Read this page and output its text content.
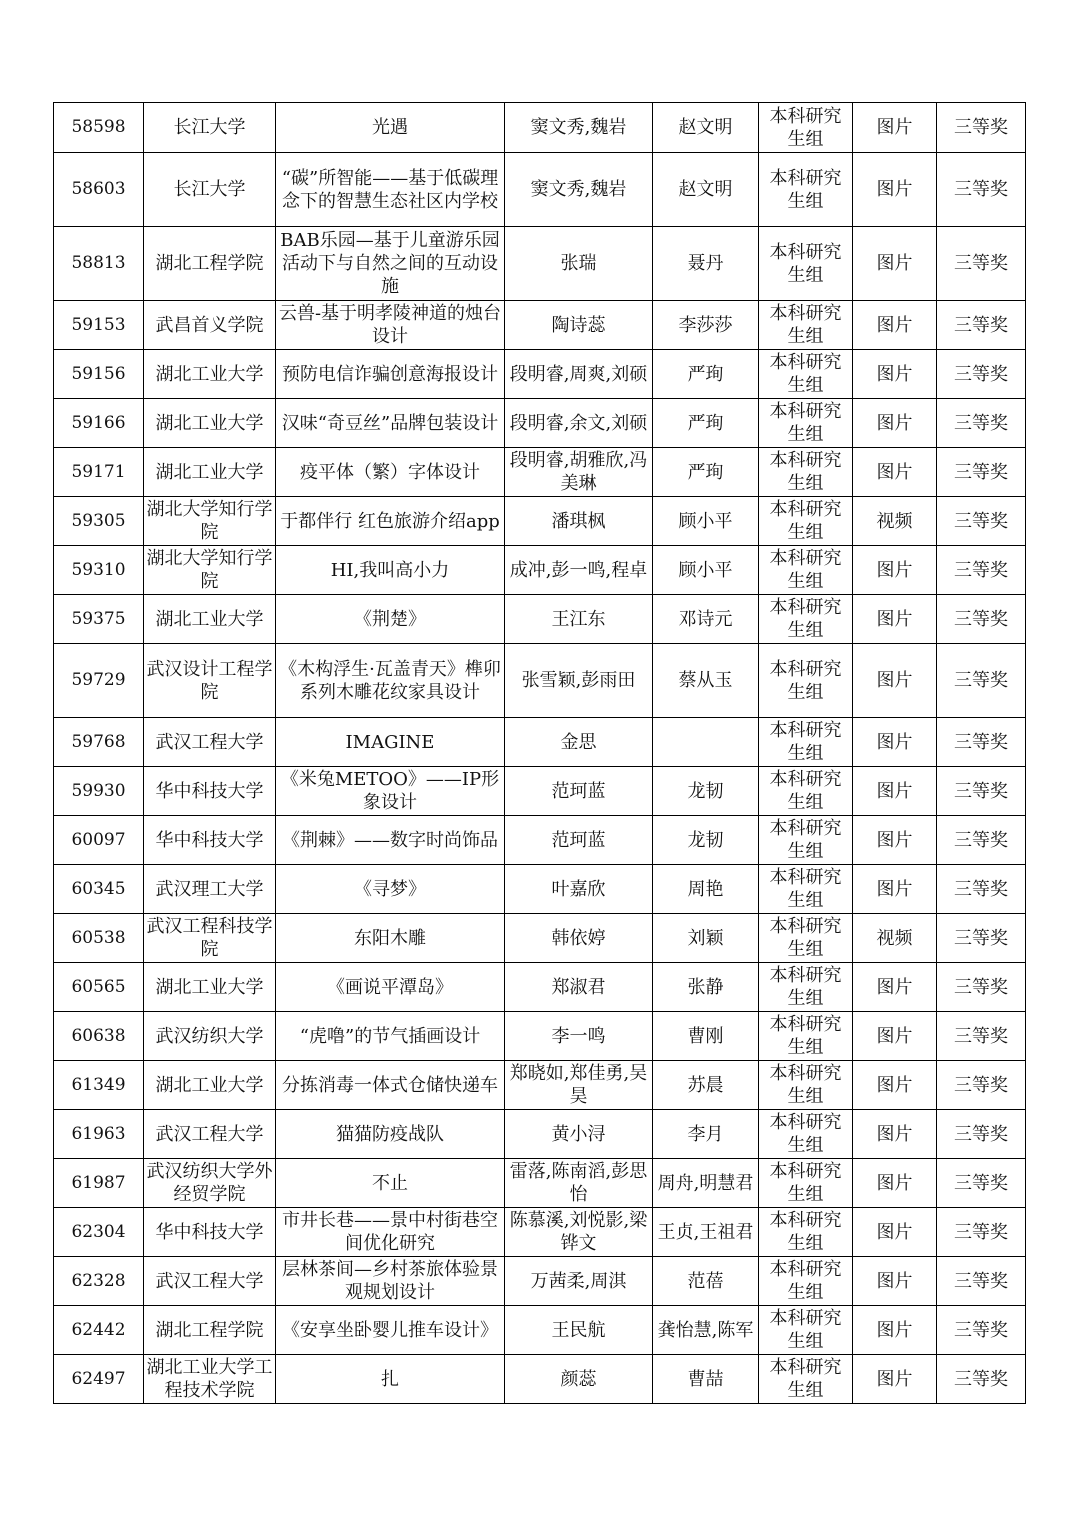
58598	长江大学	光遇	窦文秀,魏岩	赵文明	本科研究生组	图片	三等奖
58603	长江大学	“碳”所智能——基于低碳理念下的智慧生态社区内学校	窦文秀,魏岩	赵文明	本科研究生组	图片	三等奖
58813	湖北工程学院	BAB乐园—基于儿童游乐园活动下与自然之间的互动设施	张瑞	聂丹	本科研究生组	图片	三等奖
59153	武昌首义学院	云兽-基于明孝陵神道的烛台设计	陶诗蕊	李莎莎	本科研究生组	图片	三等奖
59156	湖北工业大学	预防电信诈骗创意海报设计	段明睿,周爽,刘硕	严珣	本科研究生组	图片	三等奖
59166	湖北工业大学	汉味“奇豆丝”品牌包装设计	段明睿,余文,刘硕	严珣	本科研究生组	图片	三等奖
59171	湖北工业大学	疫平体（繁）字体设计	段明睿,胡雅欣,冯美琳	严珣	本科研究生组	图片	三等奖
59305	湖北大学知行学院	于都伴行 红色旅游介绍app	潘琪枫	顾小平	本科研究生组	视频	三等奖
59310	湖北大学知行学院	HI,我叫高小力	成冲,彭一鸣,程卓	顾小平	本科研究生组	图片	三等奖
59375	湖北工业大学	《荆楚》	王江东	邓诗元	本科研究生组	图片	三等奖
59729	武汉设计工程学院	《木构浮生·瓦盖青天》榫卯系列木雕花纹家具设计	张雪颖,彭雨田	蔡从玉	本科研究生组	图片	三等奖
59768	武汉工程大学	IMAGINE	金思		本科研究生组	图片	三等奖
59930	华中科技大学	《米兔METOO》——IP形象设计	范珂蓝	龙韧	本科研究生组	图片	三等奖
60097	华中科技大学	《荆棘》——数字时尚饰品	范珂蓝	龙韧	本科研究生组	图片	三等奖
60345	武汉理工大学	《寻梦》	叶嘉欣	周艳	本科研究生组	图片	三等奖
60538	武汉工程科技学院	东阳木雕	韩依婷	刘颖	本科研究生组	视频	三等奖
60565	湖北工业大学	《画说平潭岛》	郑淑君	张静	本科研究生组	图片	三等奖
60638	武汉纺织大学	“虎噜”的节气插画设计	李一鸣	曹刚	本科研究生组	图片	三等奖
61349	湖北工业大学	分拣消毒一体式仓储快递车	郑晓如,郑佳勇,吴昊	苏晨	本科研究生组	图片	三等奖
61963	武汉工程大学	猫猫防疫战队	黄小浔	李月	本科研究生组	图片	三等奖
61987	武汉纺织大学外经贸学院	不止	雷落,陈南滔,彭思怡	周舟,明慧君	本科研究生组	图片	三等奖
62304	华中科技大学	市井长巷——景中村街巷空间优化研究	陈慕溪,刘悦影,梁铧文	王贞,王祖君	本科研究生组	图片	三等奖
62328	武汉工程大学	层林茶间—乡村茶旅体验景观规划设计	万茜柔,周淇	范蓓	本科研究生组	图片	三等奖
62442	湖北工程学院	《安享坐卧婴儿推车设计》	王民航	龚怡慧,陈军	本科研究生组	图片	三等奖
62497	湖北工业大学工程技术学院	扎	颜蕊	曹喆	本科研究生组	图片	三等奖
